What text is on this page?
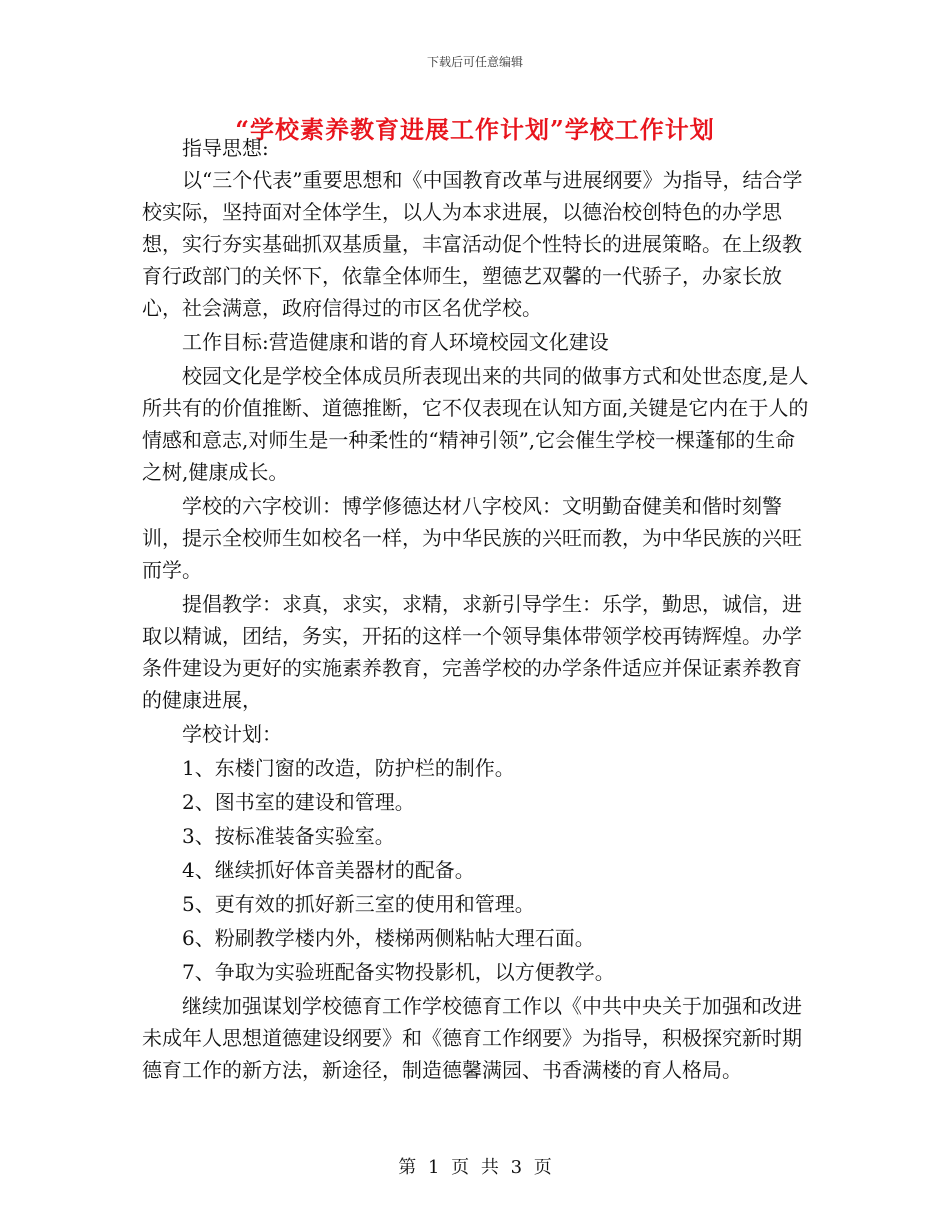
下载后可任意编辑
“学校素养教育进展工作计划”学校工作计划

指导思想:

以“三个代表”重要思想和《中国教育改革与进展纲要》为指导，结合学校实际，坚持面对全体学生，以人为本求进展，以德治校创特色的办学思想，实行夯实基础抓双基质量，丰富活动促个性特长的进展策略。在上级教育行政部门的关怀下，依靠全体师生，塑德艺双馨的一代骄子，办家长放心，社会满意，政府信得过的市区名优学校。

工作目标:营造健康和谐的育人环境校园文化建设

校园文化是学校全体成员所表现出来的共同的做事方式和处世态度,是人所共有的价值推断、道德推断，它不仅表现在认知方面,关键是它内在于人的情感和意志,对师生是一种柔性的“精神引领”,它会催生学校一棵蓬郁的生命之树,健康成长。

学校的六字校训：博学修德达材八字校风：文明勤奋健美和偕时刻警训，提示全校师生如校名一样，为中华民族的兴旺而教，为中华民族的兴旺而学。

提倡教学：求真，求实，求精，求新引导学生：乐学，勤思，诚信，进取以精诚，团结，务实，开拓的这样一个领导集体带领学校再铸辉煌。办学条件建设为更好的实施素养教育，完善学校的办学条件适应并保证素养教育的健康进展，

学校计划：

1、东楼门窗的改造，防护栏的制作。

2、图书室的建设和管理。

3、按标准装备实验室。

4、继续抓好体音美器材的配备。

5、更有效的抓好新三室的使用和管理。

6、粉刷教学楼内外，楼梯两侧粘帖大理石面。

7、争取为实验班配备实物投影机，以方便教学。

继续加强谋划学校德育工作学校德育工作以《中共中央关于加强和改进未成年人思想道德建设纲要》和《德育工作纲要》为指导，积极探究新时期德育工作的新方法，新途径，制造德馨满园、书香满楼的育人格局。

第 1 页 共 3 页
